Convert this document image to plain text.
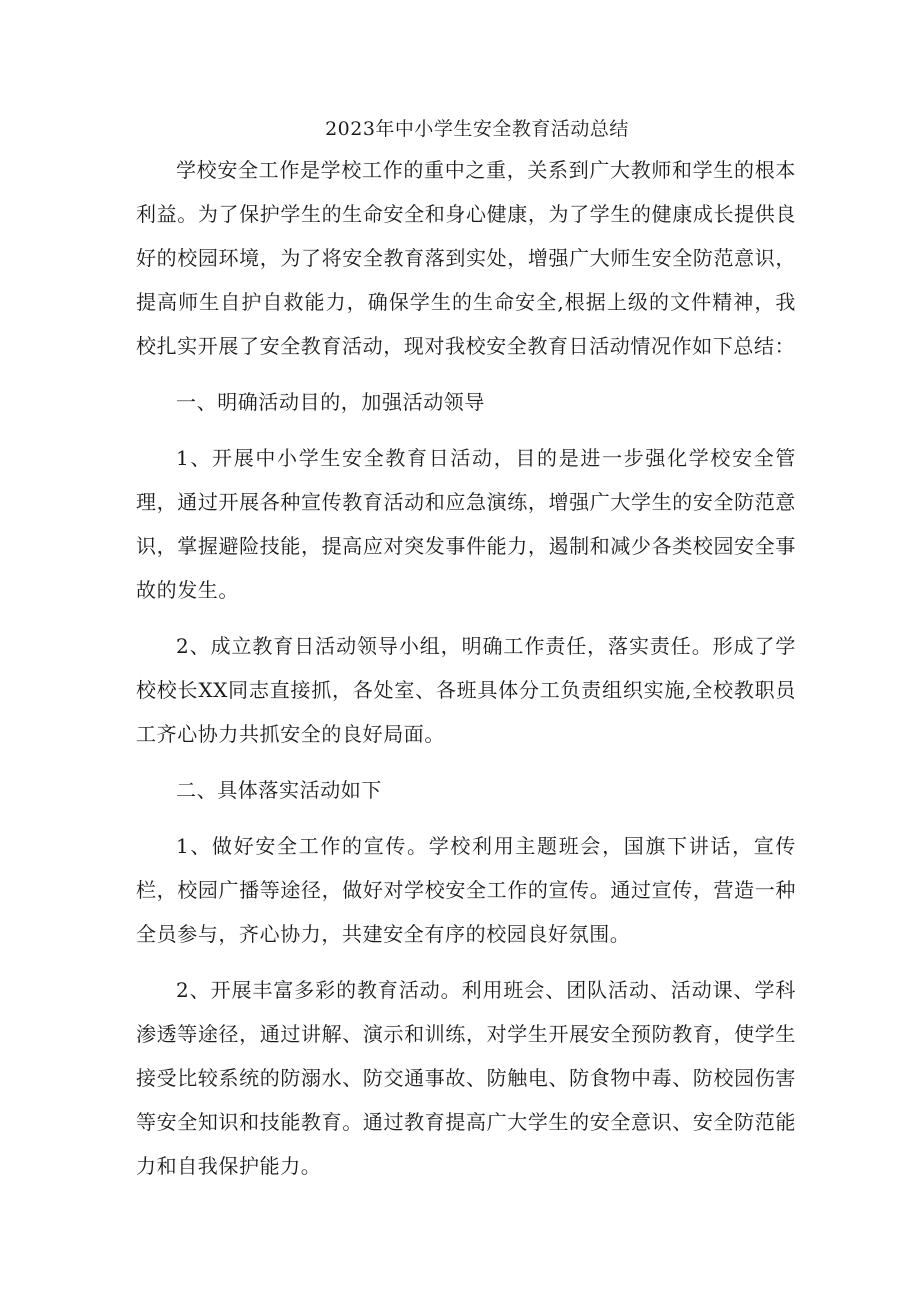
2023年中小学生安全教育活动总结

学校安全工作是学校工作的重中之重，关系到广大教师和学生的根本利益。为了保护学生的生命安全和身心健康，为了学生的健康成长提供良好的校园环境，为了将安全教育落到实处，增强广大师生安全防范意识，提高师生自护自救能力，确保学生的生命安全,根据上级的文件精神，我校扎实开展了安全教育活动，现对我校安全教育日活动情况作如下总结：

一、明确活动目的，加强活动领导

1、开展中小学生安全教育日活动，目的是进一步强化学校安全管理，通过开展各种宣传教育活动和应急演练，增强广大学生的安全防范意识，掌握避险技能，提高应对突发事件能力，遏制和减少各类校园安全事故的发生。

2、成立教育日活动领导小组，明确工作责任，落实责任。形成了学校校长XX同志直接抓，各处室、各班具体分工负责组织实施,全校教职员工齐心协力共抓安全的良好局面。

二、具体落实活动如下

1、做好安全工作的宣传。学校利用主题班会，国旗下讲话，宣传栏，校园广播等途径，做好对学校安全工作的宣传。通过宣传，营造一种全员参与，齐心协力，共建安全有序的校园良好氛围。

2、开展丰富多彩的教育活动。利用班会、团队活动、活动课、学科渗透等途径，通过讲解、演示和训练，对学生开展安全预防教育，使学生接受比较系统的防溺水、防交通事故、防触电、防食物中毒、防校园伤害等安全知识和技能教育。通过教育提高广大学生的安全意识、安全防范能力和自我保护能力。
